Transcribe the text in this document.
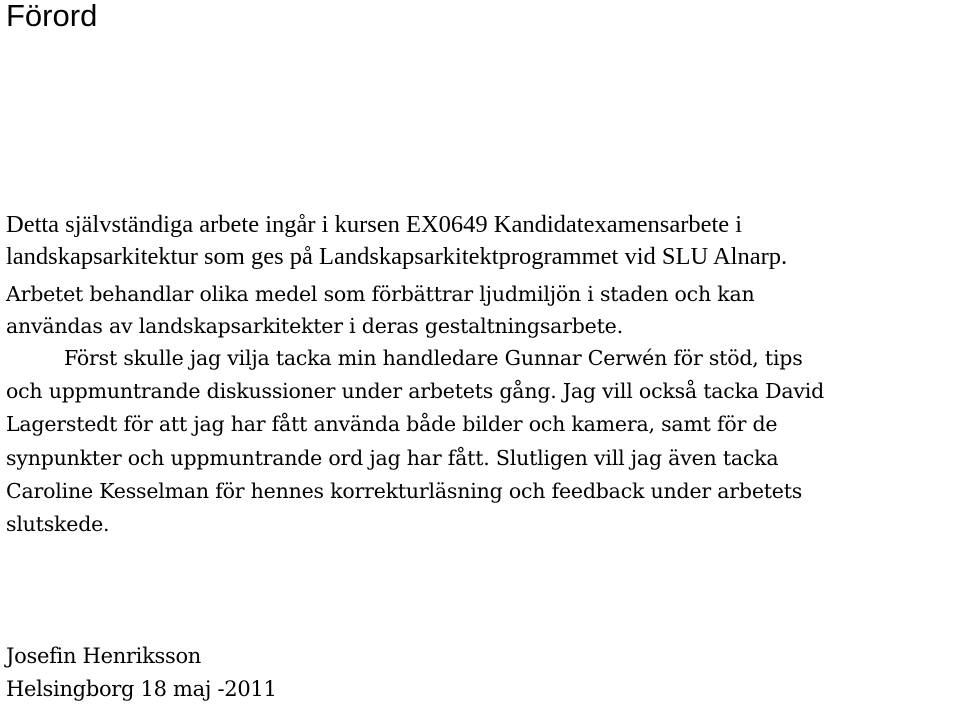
Förord

Detta självständiga arbete ingår i kursen EX0649 Kandidatexamensarbete i

landskapsarkitektur som ges på Landskapsarkitektprogrammet vid SLU Alnarp.

Arbetet behandlar olika medel som förbättrar ljudmiljön i staden och kan

användas av landskapsarkitekter i deras gestaltningsarbete.

Först skulle jag vilja tacka min handledare Gunnar Cerwén för stöd, tips

och uppmuntrande diskussioner under arbetets gång. Jag vill också tacka David

Lagerstedt för att jag har fått använda både bilder och kamera, samt för de

synpunkter och uppmuntrande ord jag har fått. Slutligen vill jag även tacka

Caroline Kesselman för hennes korrekturläsning och feedback under arbetets

slutskede.

Josefin Henriksson

Helsingborg 18 maj -2011
